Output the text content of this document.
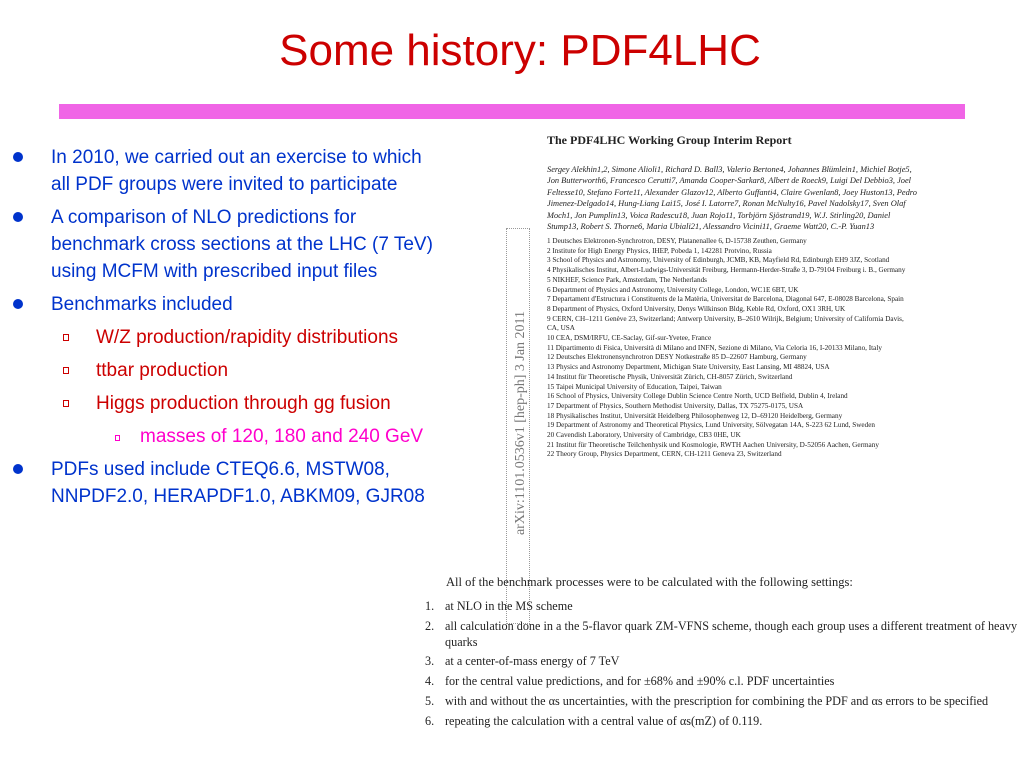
Some history: PDF4LHC
In 2010, we carried out an exercise to which all PDF groups were invited to participate
A comparison of NLO predictions for benchmark cross sections at the LHC (7 TeV) using MCFM with prescribed input files
Benchmarks included
W/Z production/rapidity distributions
ttbar production
Higgs production through gg fusion
masses of 120, 180 and 240 GeV
PDFs used include CTEQ6.6, MSTW08, NNPDF2.0, HERAPDF1.0, ABKM09, GJR08	arXiv:1101.0536v1 [hep-ph] 3 Jan 2011
The PDF4LHC Working Group Interim Report
Sergey Alekhin1,2, Simone Alioli1, Richard D. Ball3, Valerio Bertone4, Johannes Blümlein1, Michiel Botje5, Jon Butterworth6, Francesco Cerutti7, Amanda Cooper-Sarkar8, Albert de Roeck9, Luigi Del Debbio3, Joel Feltesse10, Stefano Forte11, Alexander Glazov12, Alberto Guffanti4, Claire Gwenlan8, Joey Huston13, Pedro Jimenez-Delgado14, Hung-Liang Lai15, José I. Latorre7, Ronan McNulty16, Pavel Nadolsky17, Sven Olaf Moch1, Jon Pumplin13, Voica Radescu18, Juan Rojo11, Torbjörn Sjöstrand19, W.J. Stirling20, Daniel Stump13, Robert S. Thorne6, Maria Ubiali21, Alessandro Vicini11, Graeme Watt20, C.-P. Yuan13
1 Deutsches Elektronen-Synchrotron, DESY, Platanenallee 6, D-15738 Zeuthen, Germany
2 Institute for High Energy Physics, IHEP, Pobeda 1, 142281 Protvino, Russia
3 School of Physics and Astronomy, University of Edinburgh, JCMB, KB, Mayfield Rd, Edinburgh EH9 3JZ, Scotland
4 Physikalisches Institut, Albert-Ludwigs-Universität Freiburg, Hermann-Herder-Straße 3, D-79104 Freiburg i. B., Germany
5 NIKHEF, Science Park, Amsterdam, The Netherlands
6 Department of Physics and Astronomy, University College, London, WC1E 6BT, UK
7 Departament d'Estructura i Constituents de la Matèria, Universitat de Barcelona, Diagonal 647, E-08028 Barcelona, Spain
8 Department of Physics, Oxford University, Denys Wilkinson Bldg, Keble Rd, Oxford, OX1 3RH, UK
9 CERN, CH–1211 Genève 23, Switzerland; Antwerp University, B–2610 Wilrijk, Belgium; University of California Davis, CA, USA
10 CEA, DSM/IRFU, CE-Saclay, Gif-sur-Yvetee, France
11 Dipartimento di Fisica, Università di Milano and INFN, Sezione di Milano, Via Celoria 16, I-20133 Milano, Italy
12 Deutsches Elektronensynchrotron DESY Notkestraße 85 D–22607 Hamburg, Germany
13 Physics and Astronomy Department, Michigan State University, East Lansing, MI 48824, USA
14 Institut für Theoretische Physik, Universität Zürich, CH-8057 Zürich, Switzerland
15 Taipei Municipal University of Education, Taipei, Taiwan
16 School of Physics, University College Dublin Science Centre North, UCD Belfield, Dublin 4, Ireland
17 Department of Physics, Southern Methodist University, Dallas, TX 75275-0175, USA
18 Physikalisches Institut, Universität Heidelberg Philosophenweg 12, D–69120 Heidelberg, Germany
19 Department of Astronomy and Theoretical Physics, Lund University, Sölvegatan 14A, S-223 62 Lund, Sweden
20 Cavendish Laboratory, University of Cambridge, CB3 0HE, UK
21 Institut für Theoretische Teilchenhysik und Kosmologie, RWTH Aachen University, D-52056 Aachen, Germany
22 Theory Group, Physics Department, CERN, CH-1211 Geneva 23, Switzerland
All of the benchmark processes were to be calculated with the following settings:
1. at NLO in the MS scheme
2. all calculation done in a the 5-flavor quark ZM-VFNS scheme, though each group uses a different treatment of heavy quarks
3. at a center-of-mass energy of 7 TeV
4. for the central value predictions, and for ±68% and ±90% c.l. PDF uncertainties
5. with and without the αs uncertainties, with the prescription for combining the PDF and αs errors to be specified
6. repeating the calculation with a central value of αs(mZ) of 0.119.
